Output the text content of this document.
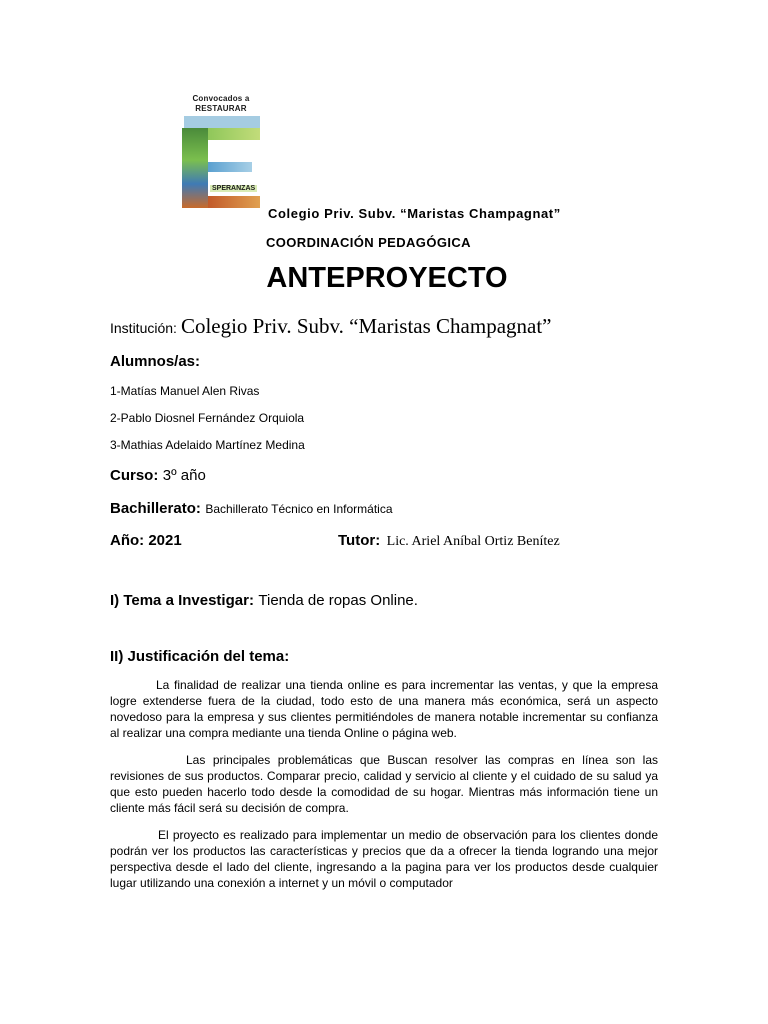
Convocados a
RESTAURAR
SPERANZAS
Colegio Priv. Subv. “Maristas Champagnat”
COORDINACIÓN PEDAGÓGICA
ANTEPROYECTO
Institución: Colegio Priv. Subv. “Maristas Champagnat”
Alumnos/as:
1-Matías Manuel Alen Rivas
2-Pablo Diosnel Fernández Orquiola
3-Mathias Adelaido Martínez Medina
Curso: 3º año
Bachillerato: Bachillerato Técnico en Informática
Año: 2021	Tutor: Lic. Ariel Aníbal Ortiz Benítez
I) Tema a Investigar: Tienda de ropas Online.
II) Justificación del tema:
La finalidad de realizar una tienda online es para incrementar las ventas, y que la empresa logre extenderse fuera de la ciudad, todo esto de una manera más económica, será un aspecto novedoso para la empresa y sus clientes permitiéndoles de manera notable incrementar su confianza al realizar una compra mediante una tienda Online o página web.
Las principales problemáticas que Buscan resolver las compras en línea son las revisiones de sus productos. Comparar precio, calidad y servicio al cliente y el cuidado de su salud ya que esto pueden hacerlo todo desde la comodidad de su hogar. Mientras más información tiene un cliente más fácil será su decisión de compra.
El proyecto es realizado para implementar un medio de observación para los clientes donde podrán ver los productos las características y precios que da a ofrecer la tienda logrando una mejor perspectiva desde el lado del cliente, ingresando a la pagina para ver los productos desde cualquier lugar utilizando una conexión a internet y un móvil o computador
